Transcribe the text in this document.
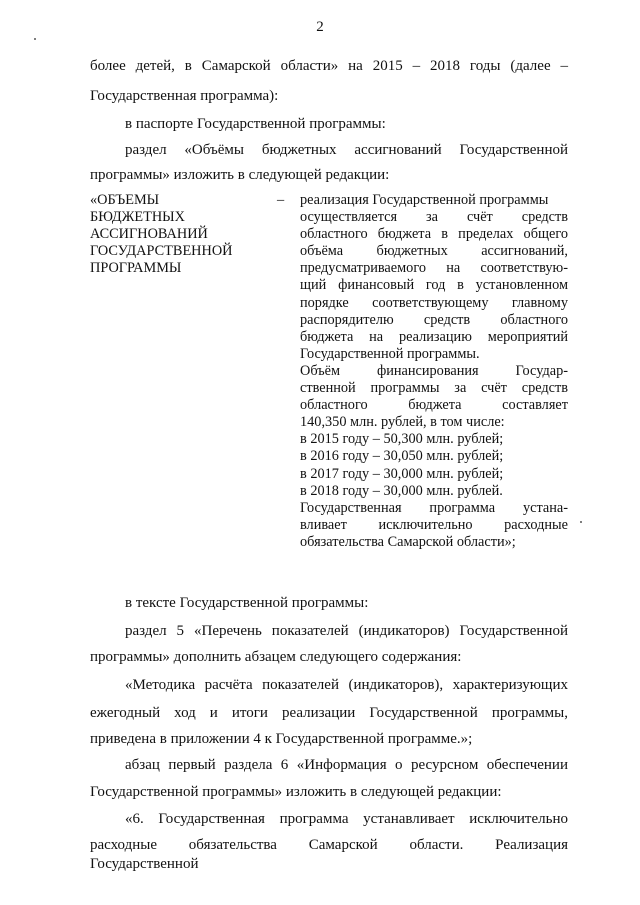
2

более детей, в Самарской области» на 2015 – 2018 годы (далее –

Государственная программа):

в паспорте Государственной программы:

раздел «Объёмы бюджетных ассигнований Государственной

программы» изложить в следующей редакции:

«ОБЪЕМЫ
БЮДЖЕТНЫХ
АССИГНОВАНИЙ
ГОСУДАРСТВЕННОЙ
ПРОГРАММЫ
– реализация Государственной программы
осуществляется за счёт средств
областного бюджета в пределах общего
объёма бюджетных ассигнований,
предусматриваемого на соответствую-
щий финансовый год в установленном
порядке соответствующему главному
распорядителю средств областного
бюджета на реализацию мероприятий
Государственной программы.
Объём финансирования Государ-
ственной программы за счёт средств
областного бюджета составляет
140,350 млн. рублей, в том числе:
в 2015 году – 50,300 млн. рублей;
в 2016 году – 30,050 млн. рублей;
в 2017 году – 30,000 млн. рублей;
в 2018 году – 30,000 млн. рублей.
Государственная программа устана-
вливает исключительно расходные
обязательства Самарской области»;

в тексте Государственной программы:

раздел 5 «Перечень показателей (индикаторов) Государственной

программы» дополнить абзацем следующего содержания:

«Методика расчёта показателей (индикаторов), характеризующих

ежегодный ход и итоги реализации Государственной программы,

приведена в приложении 4 к Государственной программе.»;

абзац первый раздела 6 «Информация о ресурсном обеспечении

Государственной программы» изложить в следующей редакции:

«6. Государственная программа устанавливает исключительно

расходные обязательства Самарской области. Реализация Государственной
